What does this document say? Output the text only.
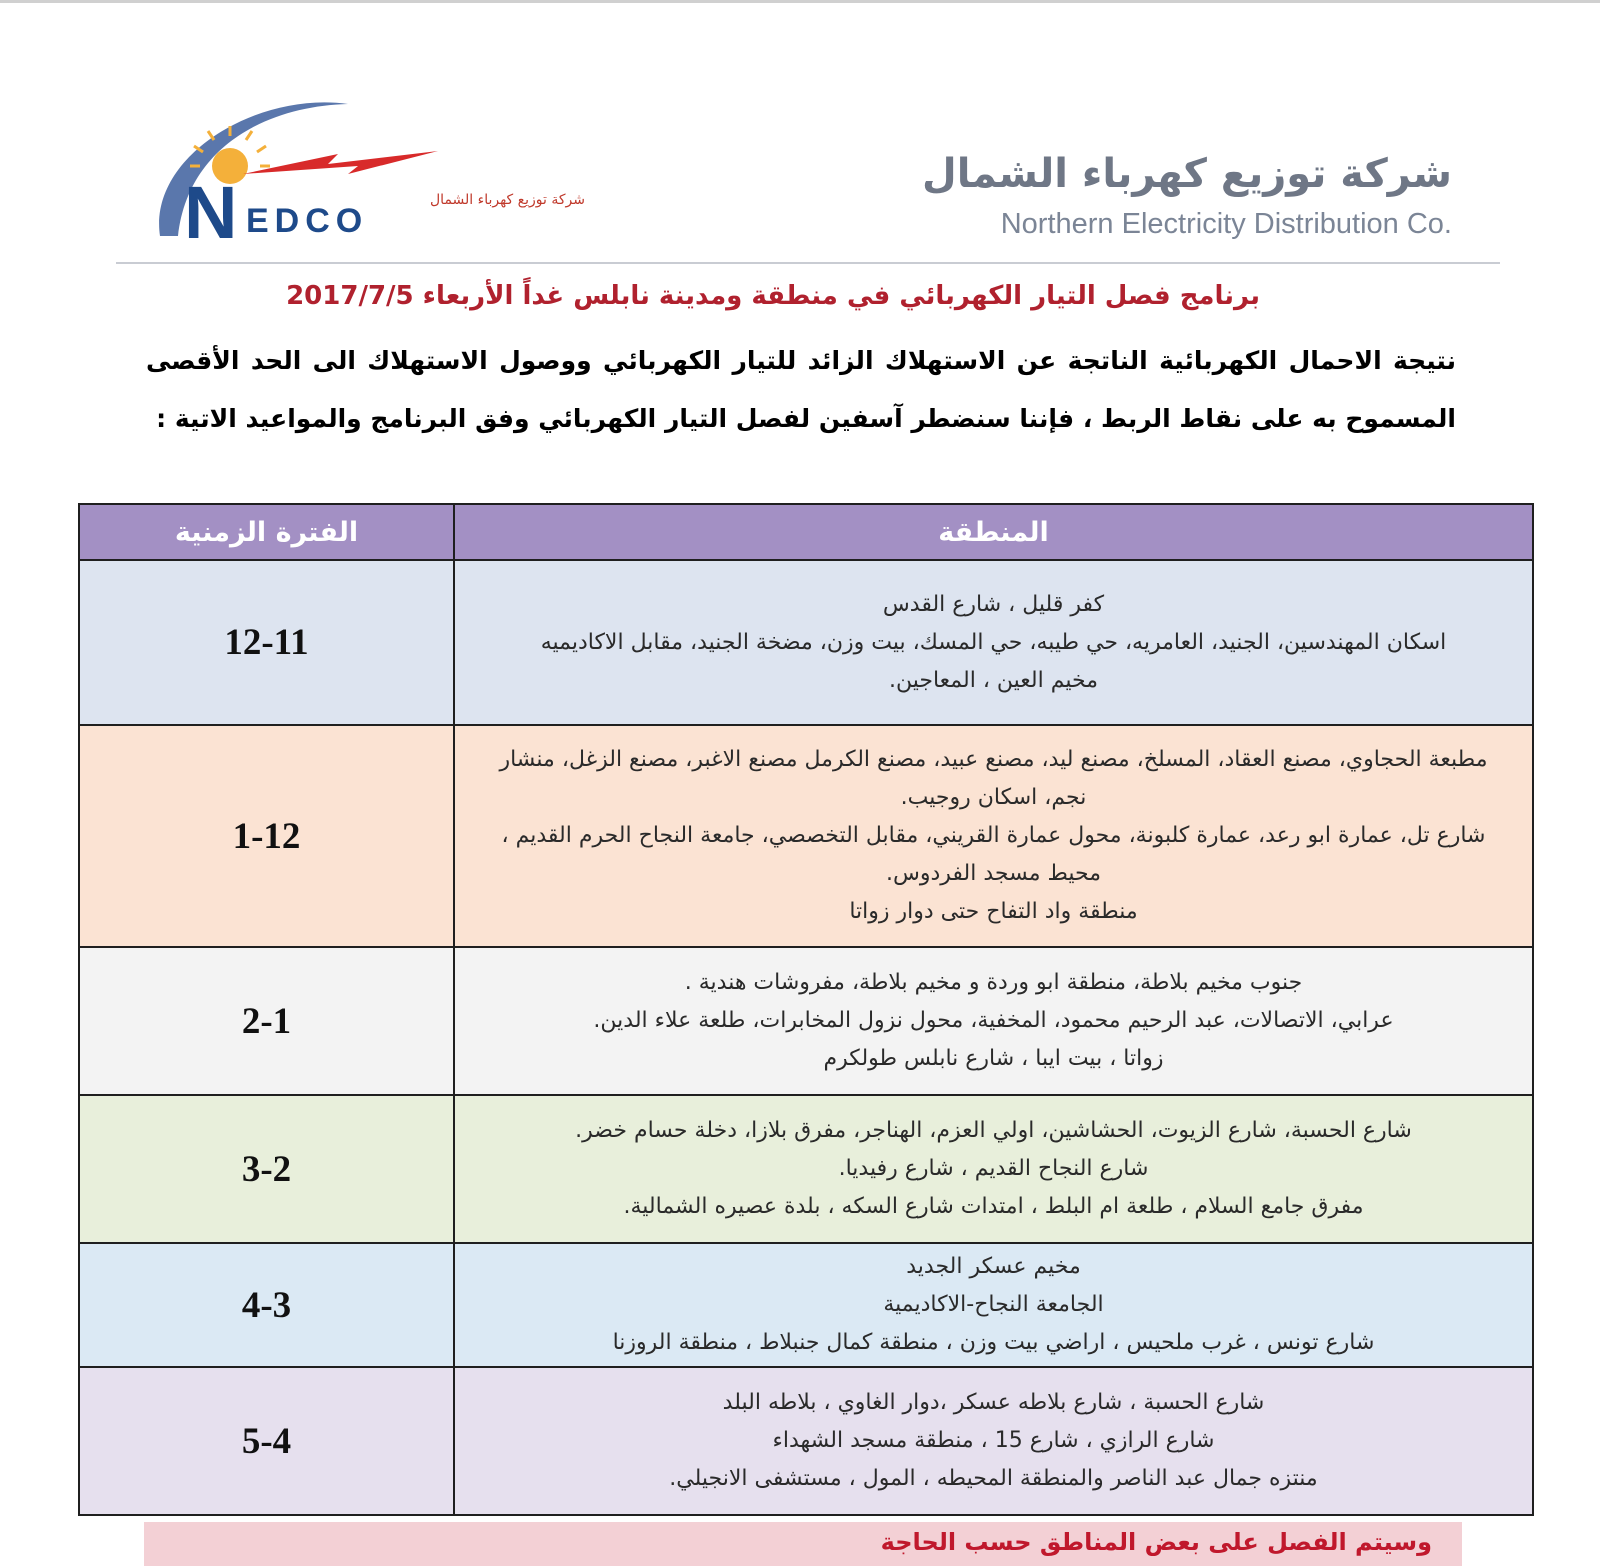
N EDCO
شركة توزيع كهرباء الشمال
شركة توزيع كهرباء الشمال
Northern Electricity Distribution Co.
برنامج فصل التيار الكهربائي في منطقة ومدينة نابلس غداً الأربعاء 2017/7/5
نتيجة الاحمال الكهربائية الناتجة عن الاستهلاك الزائد للتيار الكهربائي ووصول الاستهلاك الى الحد الأقصى المسموح به على نقاط الربط ، فإننا سنضطر آسفين لفصل التيار الكهربائي وفق البرنامج والمواعيد الاتية :
المنطقة	الفترة الزمنية

كفر قليل ، شارع القدس
اسكان المهندسين، الجنيد، العامريه، حي طيبه، حي المسك، بيت وزن، مضخة الجنيد، مقابل الاكاديميه
مخيم العين ، المعاجين.	12-11

مطبعة الحجاوي، مصنع العقاد، المسلخ، مصنع ليد، مصنع عبيد، مصنع الكرمل مصنع الاغبر، مصنع الزغل، منشار نجم، اسكان روجيب.
شارع تل، عمارة ابو رعد، عمارة كلبونة، محول عمارة القريني، مقابل التخصصي، جامعة النجاح الحرم القديم ، محيط مسجد الفردوس.
منطقة واد التفاح حتى دوار زواتا	1-12

جنوب مخيم بلاطة، منطقة ابو وردة و مخيم بلاطة، مفروشات هندية .
عرابي، الاتصالات، عبد الرحيم محمود، المخفية، محول نزول المخابرات، طلعة علاء الدين.
زواتا ، بيت ايبا ، شارع نابلس طولكرم	2-1

شارع الحسبة، شارع الزيوت، الحشاشين، اولي العزم، الهناجر، مفرق بلازا، دخلة حسام خضر.
شارع النجاح القديم ، شارع رفيديا.
مفرق جامع السلام ، طلعة ام البلط ، امتدات شارع السكه ، بلدة عصيره الشمالية.	3-2

مخيم عسكر الجديد
الجامعة النجاح-الاكاديمية
شارع تونس ، غرب ملحيس ، اراضي بيت وزن ، منطقة كمال جنبلاط ، منطقة الروزنا	4-3

شارع الحسبة ، شارع بلاطه عسكر ،دوار الغاوي ، بلاطه البلد
شارع الرازي ، شارع 15 ، منطقة مسجد الشهداء
منتزه جمال عبد الناصر والمنطقة المحيطه ، المول ، مستشفى الانجيلي.	5-4
وسيتم الفصل على بعض المناطق حسب الحاجة
